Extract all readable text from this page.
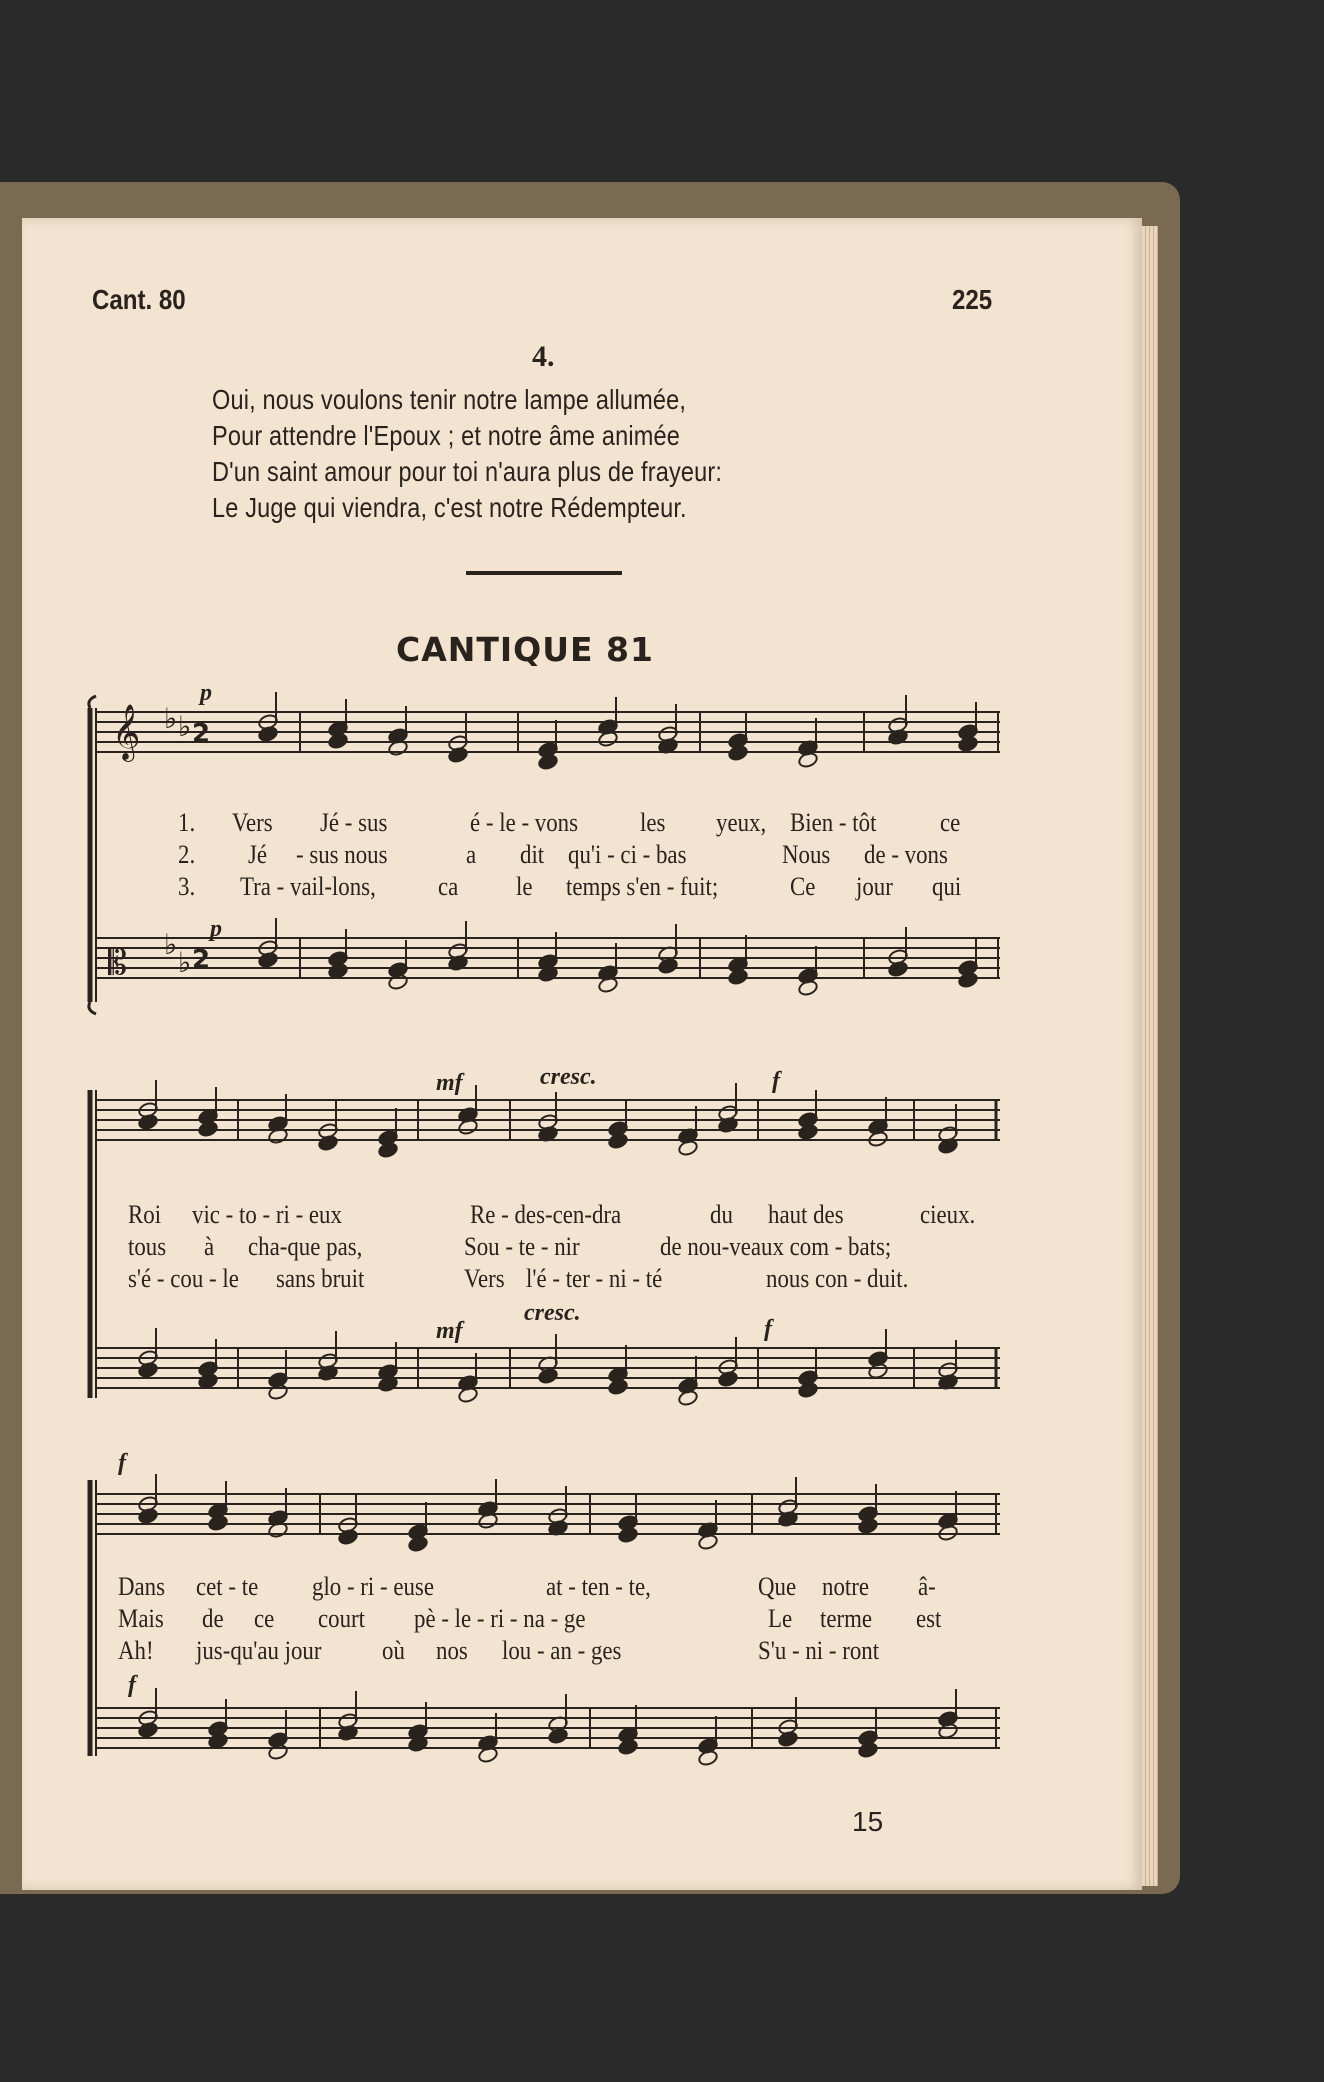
Cant. 80	225
4.
Oui, nous voulons tenir notre lampe allumée,
Pour attendre l'Epoux ; et notre âme animée
D'un saint amour pour toi n'aura plus de frayeur:
Le Juge qui viendra, c'est notre Rédempteur.
CANTIQUE 81
𝄞 ♭ ♭ 2
𝄡 ♭
♭ 2
p
p
1. Vers Jé - sus	é - le - vons les yeux, Bien - tôt ce
2. Jé - sus nous	a dit qu'i - ci - bas	Nous de - vons
3. Tra - vail-lons, ca le temps s'en - fuit;	Ce jour qui
mf	cresc.	f
mf
cresc.
f
Roi vic - to - ri - eux	Re - des-cen-dra	du haut des	cieux.
tous à cha-que pas,	Sou - te - nir	de nou-veaux com - bats;
s'é - cou - le sans bruit	Vers l'é - ter - ni - té	nous con - duit.
f
f
Dans cet - te glo - ri - euse	at - ten - te,	Que notre â-
Mais de ce court pè - le - ri - na - ge	Le terme est
Ah! jus-qu'au jour où nos lou - an - ges	S'u - ni - ront
15
